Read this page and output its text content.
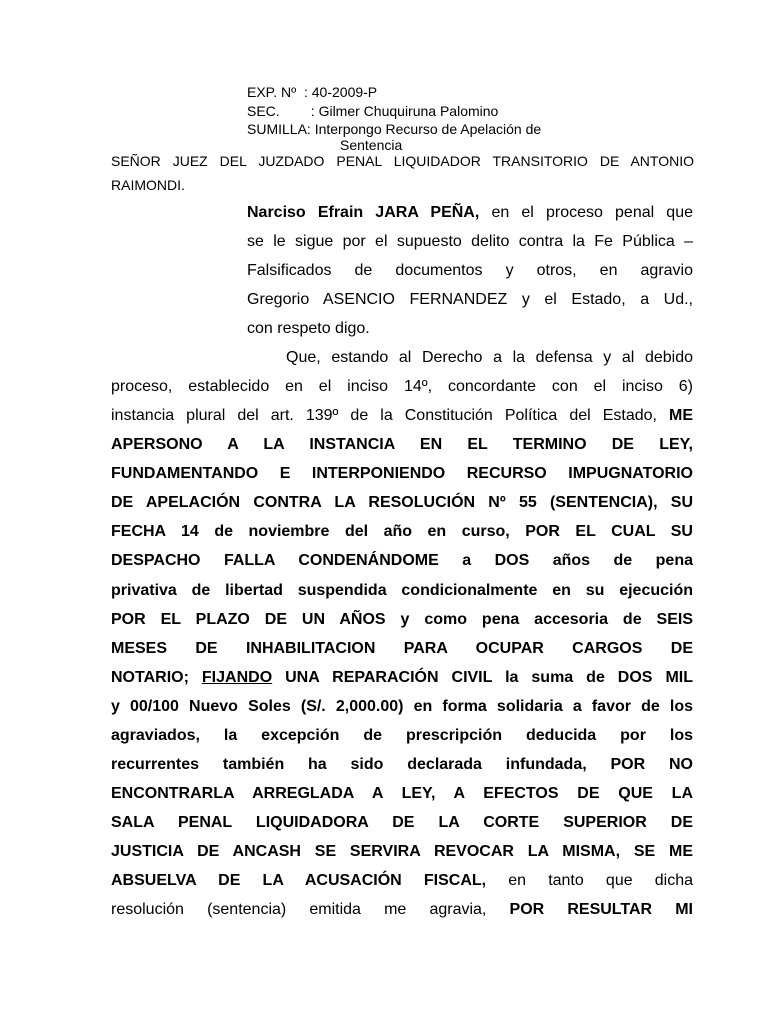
EXP. Nº  : 40-2009-P
SEC.        : Gilmer Chuquiruna Palomino
SUMILLA: Interpongo Recurso de Apelación de
Sentencia
SEÑOR JUEZ DEL JUZDADO PENAL LIQUIDADOR TRANSITORIO DE ANTONIO
RAIMONDI.
Narciso Efrain JARA PEÑA, en el proceso penal que
se le sigue por el supuesto delito contra la Fe Pública –
Falsificados de documentos y otros, en agravio
Gregorio ASENCIO FERNANDEZ y el Estado, a Ud.,
con respeto digo.
Que, estando al Derecho a la defensa y al debido
proceso, establecido en el inciso 14º, concordante con el inciso 6)
instancia plural del art. 139º de la Constitución Política del Estado, ME
APERSONO A LA INSTANCIA EN EL TERMINO DE LEY,
FUNDAMENTANDO E INTERPONIENDO RECURSO IMPUGNATORIO
DE APELACIÓN CONTRA LA RESOLUCIÓN Nº 55 (SENTENCIA), SU
FECHA 14 de noviembre del año en curso, POR EL CUAL SU
DESPACHO FALLA CONDENÁNDOME a DOS años de pena
privativa de libertad suspendida condicionalmente en su ejecución
POR EL PLAZO DE UN AÑOS y como pena accesoria de SEIS
MESES DE INHABILITACION PARA OCUPAR CARGOS DE
NOTARIO; FIJANDO UNA REPARACIÓN CIVIL la suma de DOS MIL
y 00/100 Nuevo Soles (S/. 2,000.00) en forma solidaria a favor de los
agraviados, la excepción de prescripción deducida por los
recurrentes también ha sido declarada infundada, POR NO
ENCONTRARLA ARREGLADA A LEY, A EFECTOS DE QUE LA
SALA PENAL LIQUIDADORA DE LA CORTE SUPERIOR DE
JUSTICIA DE ANCASH SE SERVIRA REVOCAR LA MISMA, SE ME
ABSUELVA DE LA ACUSACIÓN FISCAL, en tanto que dicha
resolución (sentencia) emitida me agravia, POR RESULTAR MI
